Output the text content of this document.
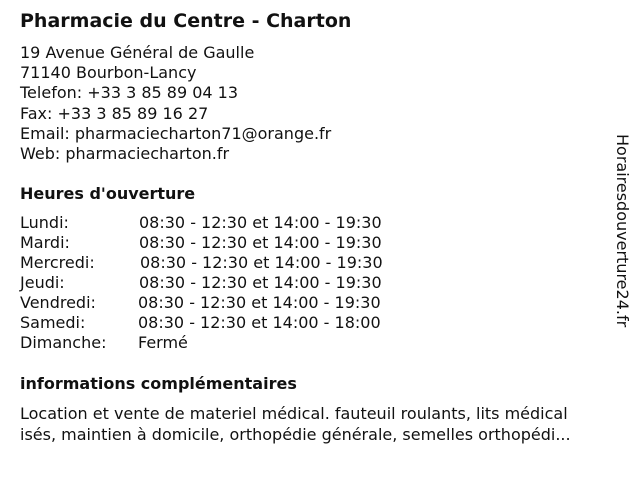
Pharmacie du Centre - Charton
19 Avenue Général de Gaulle
71140 Bourbon-Lancy
Telefon: +33 3 85 89 04 13
Fax: +33 3 85 89 16 27
Email: pharmaciecharton71@orange.fr
Web: pharmaciecharton.fr
Heures d'ouverture
Lundi:	08:30 - 12:30 et 14:00 - 19:30
Mardi:	08:30 - 12:30 et 14:00 - 19:30
Mercredi:	08:30 - 12:30 et 14:00 - 19:30
Jeudi:	08:30 - 12:30 et 14:00 - 19:30
Vendredi:	08:30 - 12:30 et 14:00 - 19:30
Samedi:	08:30 - 12:30 et 14:00 - 18:00
Dimanche: Fermé
informations complémentaires
Location et vente de materiel médical. fauteuil roulants, lits médical
isés, maintien à domicile, orthopédie générale, semelles orthopédi...
Horairesdouverture24.fr
